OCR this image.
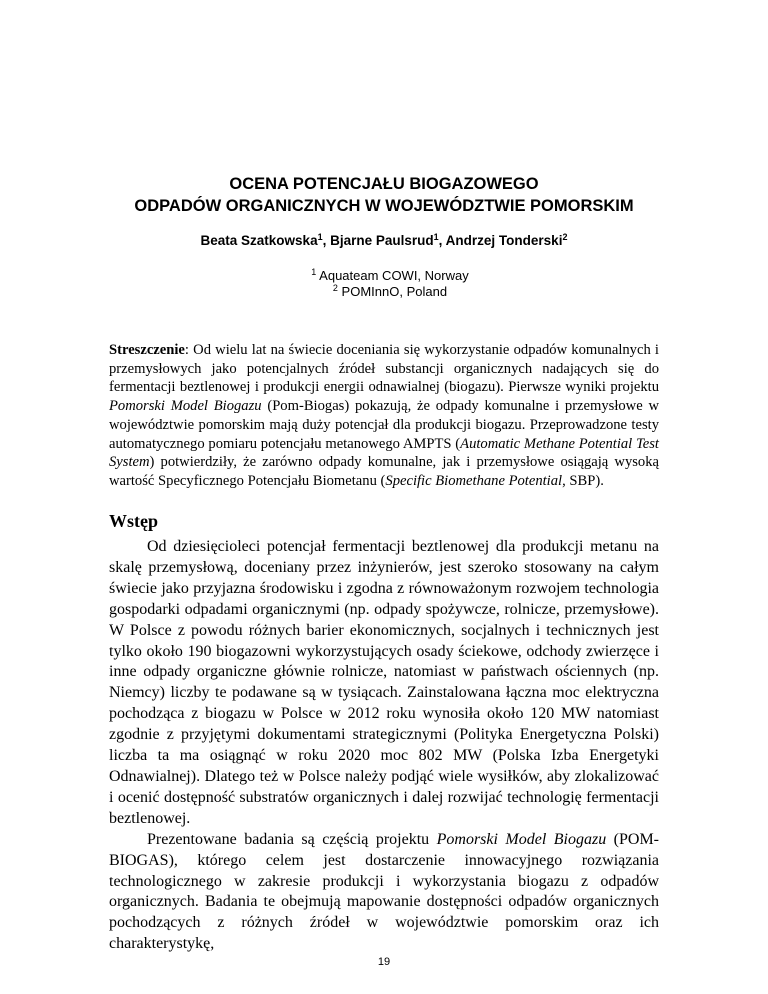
OCENA POTENCJAŁU BIOGAZOWEGO
ODPADÓW ORGANICZNYCH W WOJEWÓDZTWIE POMORSKIM
Beata Szatkowska$^1$, Bjarne Paulsrud$^1$, Andrzej Tonderski$^2$
$^1$ Aquateam COWI, Norway
$^2$ POMInnO, Poland

Streszczenie: Od wielu lat na świecie doceniania się wykorzystanie odpadów komunalnych i przemysłowych jako potencjalnych źródeł substancji organicznych nadających się do fermentacji beztlenowej i produkcji energii odnawialnej (biogazu). Pierwsze wyniki projektu Pomorski Model Biogazu (Pom-Biogas) pokazują, że odpady komunalne i przemysłowe w województwie pomorskim mają duży potencjał dla produkcji biogazu. Przeprowadzone testy automatycznego pomiaru potencjału metanowego AMPTS (Automatic Methane Potential Test System) potwierdziły, że zarówno odpady komunalne, jak i przemysłowe osiągają wysoką wartość Specyficznego Potencjału Biometanu (Specific Biomethane Potential, SBP).

Wstęp

Od dziesięcioleci potencjał fermentacji beztlenowej dla produkcji metanu na skalę przemysłową, doceniany przez inżynierów, jest szeroko stosowany na całym świecie jako przyjazna środowisku i zgodna z równoważonym rozwojem technologia gospodarki odpadami organicznymi (np. odpady spożywcze, rolnicze, przemysłowe). W Polsce z powodu różnych barier ekonomicznych, socjalnych i technicznych jest tylko około 190 biogazowni wykorzystujących osady ściekowe, odchody zwierzęce i inne odpady organiczne głównie rolnicze, natomiast w państwach ościennych (np. Niemcy) liczby te podawane są w tysiącach. Zainstalowana łączna moc elektryczna pochodząca z biogazu w Polsce w 2012 roku wynosiła około 120 MW natomiast zgodnie z przyjętymi dokumentami strategicznymi (Polityka Energetyczna Polski) liczba ta ma osiągnąć w roku 2020 moc 802 MW (Polska Izba Energetyki Odnawialnej). Dlatego też w Polsce należy podjąć wiele wysiłków, aby zlokalizować i ocenić dostępność substratów organicznych i dalej rozwijać technologię fermentacji beztlenowej.

Prezentowane badania są częścią projektu Pomorski Model Biogazu (POM-BIOGAS), którego celem jest dostarczenie innowacyjnego rozwiązania technologicznego w zakresie produkcji i wykorzystania biogazu z odpadów organicznych. Badania te obejmują mapowanie dostępności odpadów organicznych pochodzących z różnych źródeł w województwie pomorskim oraz ich charakterystykę,

19
